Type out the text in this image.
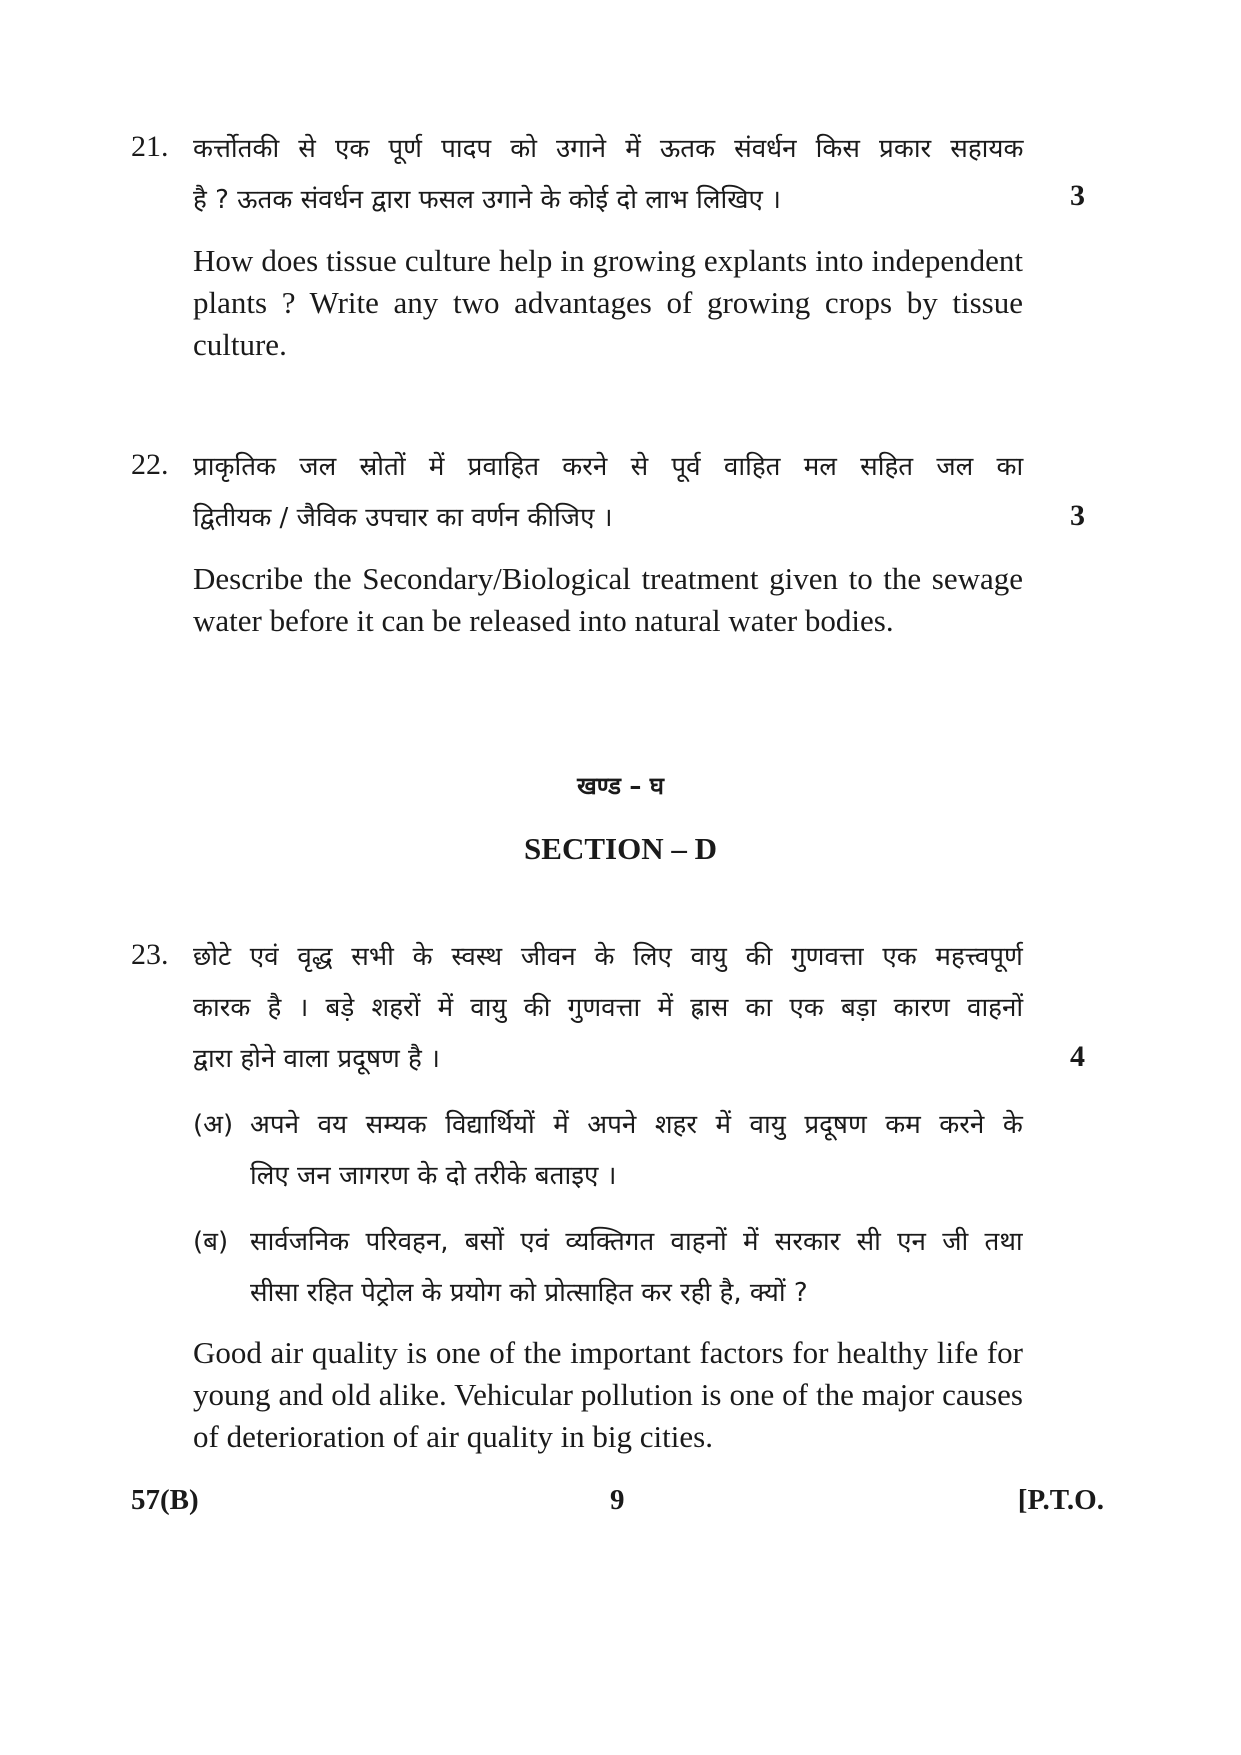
21. कर्त्तोतकी से एक पूर्ण पादप को उगाने में ऊतक संवर्धन किस प्रकार सहायक
है ? ऊतक संवर्धन द्वारा फसल उगाने के कोई दो लाभ लिखिए ।	3

How does tissue culture help in growing explants into independent plants ? Write any two advantages of growing crops by tissue culture.

22. प्राकृतिक जल स्रोतों में प्रवाहित करने से पूर्व वाहित मल सहित जल का
द्वितीयक / जैविक उपचार का वर्णन कीजिए ।	3

Describe the Secondary/Biological treatment given to the sewage water before it can be released into natural water bodies.

खण्ड – घ
SECTION – D
23. छोटे एवं वृद्ध सभी के स्वस्थ जीवन के लिए वायु की गुणवत्ता एक महत्त्वपूर्ण
कारक है । बड़े शहरों में वायु की गुणवत्ता में ह्रास का एक बड़ा कारण वाहनों
द्वारा होने वाला प्रदूषण है ।	4
(अ) अपने वय सम्यक विद्यार्थियों में अपने शहर में वायु प्रदूषण कम करने के
लिए जन जागरण के दो तरीके बताइए ।
(ब) सार्वजनिक परिवहन, बसों एवं व्यक्तिगत वाहनों में सरकार सी एन जी तथा
सीसा रहित पेट्रोल के प्रयोग को प्रोत्साहित कर रही है, क्यों ?

Good air quality is one of the important factors for healthy life for young and old alike. Vehicular pollution is one of the major causes of deterioration of air quality in big cities.

57(B)	9	[P.T.O.
